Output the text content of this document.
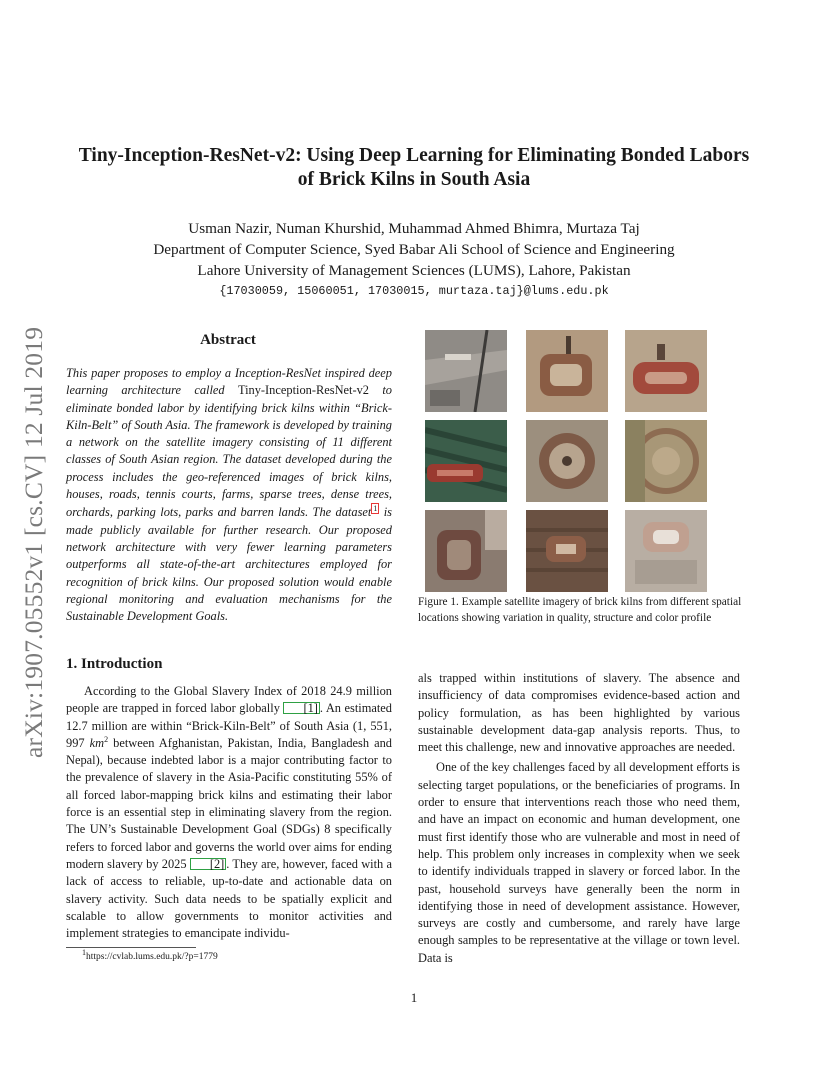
arXiv:1907.05552v1 [cs.CV] 12 Jul 2019
Tiny-Inception-ResNet-v2: Using Deep Learning for Eliminating Bonded Labors
of Brick Kilns in South Asia
Usman Nazir, Numan Khurshid, Muhammad Ahmed Bhimra, Murtaza Taj
Department of Computer Science, Syed Babar Ali School of Science and Engineering
Lahore University of Management Sciences (LUMS), Lahore, Pakistan
{17030059, 15060051, 17030015, murtaza.taj}@lums.edu.pk
Abstract
This paper proposes to employ a Inception-ResNet inspired deep learning architecture called Tiny-Inception-ResNet-v2 to eliminate bonded labor by identifying brick kilns within “Brick-Kiln-Belt” of South Asia. The framework is developed by training a network on the satellite imagery consisting of 11 different classes of South Asian region. The dataset developed during the process includes the geo-referenced images of brick kilns, houses, roads, tennis courts, farms, sparse trees, dense trees, orchards, parking lots, parks and barren lands. The dataset 1 is made publicly available for further research. Our proposed network architecture with very fewer learning parameters outperforms all state-of-the-art architectures employed for recognition of brick kilns. Our proposed solution would enable regional monitoring and evaluation mechanisms for the Sustainable Development Goals.
Figure 1. Example satellite imagery of brick kilns from different spatial locations showing variation in quality, structure and color profile
1. Introduction
According to the Global Slavery Index of 2018 24.9 million people are trapped in forced labor globally [1] . An estimated 12.7 million are within “Brick-Kiln-Belt” of South Asia (1, 551, 997 $km^2$ between Afghanistan, Pakistan, India, Bangladesh and Nepal), because indebted labor is a major contributing factor to the prevalence of slavery in the Asia-Pacific constituting 55% of all forced labor-mapping brick kilns and estimating their labor force is an essential step in eliminating slavery from the region. The UN’s Sustainable Development Goal (SDGs) 8 specifically refers to forced labor and governs the world over aims for ending modern slavery by 2025 [2] . They are, however, faced with a lack of access to reliable, up-to-date and actionable data on slavery activity. Such data needs to be spatially explicit and scalable to allow governments to monitor activities and implement strategies to emancipate individu-

als trapped within institutions of slavery. The absence and insufficiency of data compromises evidence-based action and policy formulation, as has been highlighted by various sustainable development data-gap analysis reports. Thus, to meet this challenge, new and innovative approaches are needed.

One of the key challenges faced by all development efforts is selecting target populations, or the beneficiaries of programs. In order to ensure that interventions reach those who need them, and have an impact on economic and human development, one must first identify those who are vulnerable and most in need of help. This problem only increases in complexity when we seek to identify individuals trapped in slavery or forced labor. In the past, household surveys have generally been the norm in identifying those in need of development assistance. However, surveys are costly and cumbersome, and rarely have large enough samples to be representative at the village or town level. Data is

$^1$https://cvlab.lums.edu.pk/?p=1779
1
